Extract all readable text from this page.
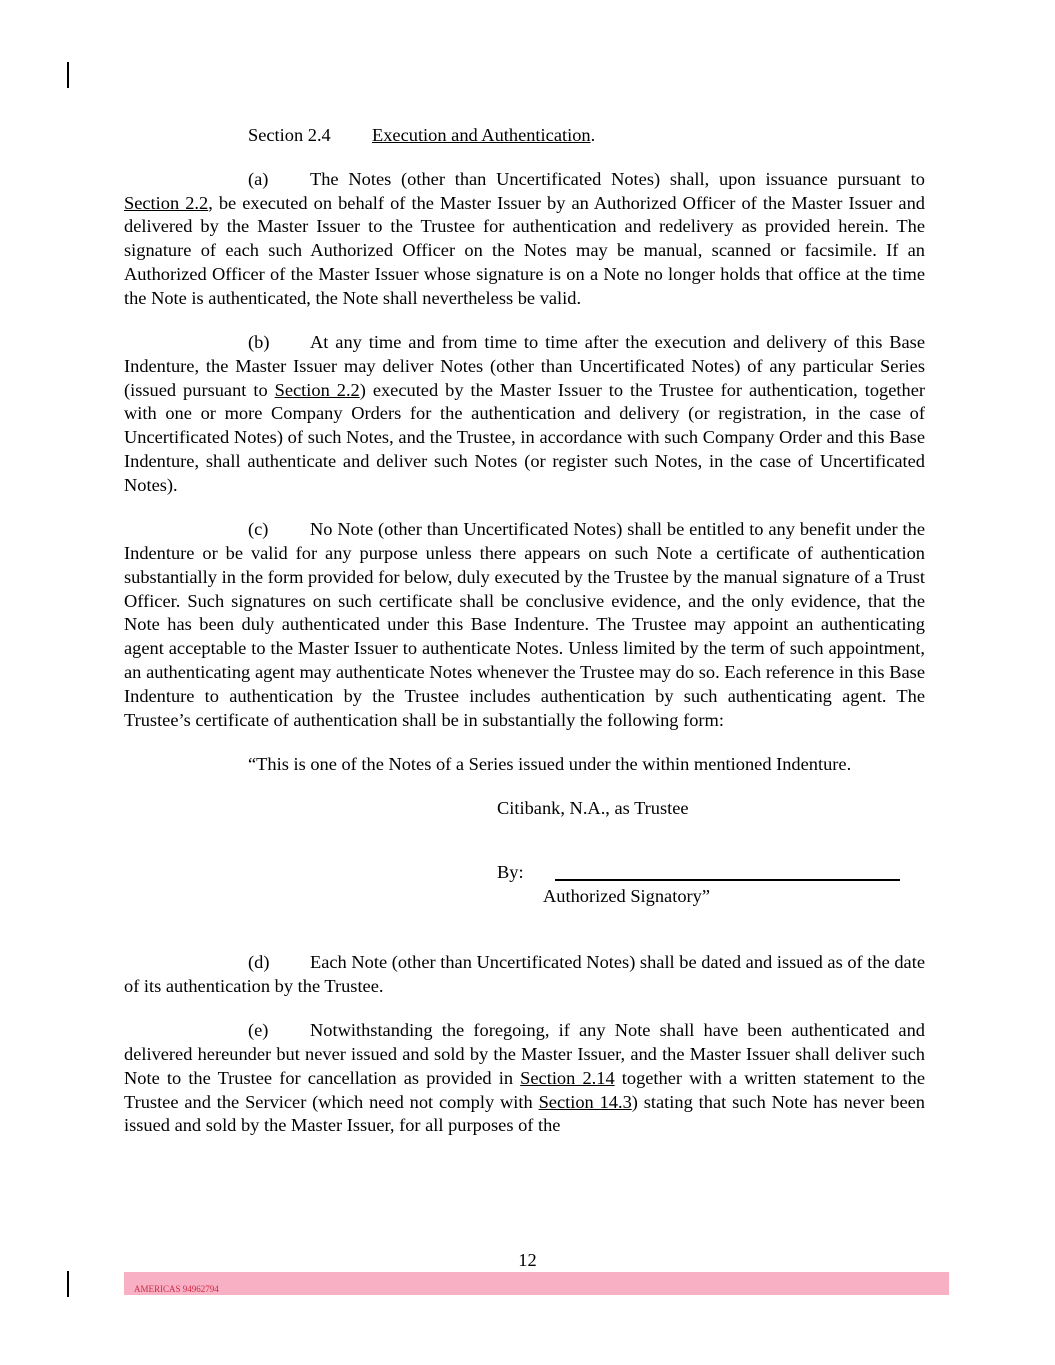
Section 2.4 Execution and Authentication.

(a) The Notes (other than Uncertificated Notes) shall, upon issuance pursuant to Section 2.2, be executed on behalf of the Master Issuer by an Authorized Officer of the Master Issuer and delivered by the Master Issuer to the Trustee for authentication and redelivery as provided herein. The signature of each such Authorized Officer on the Notes may be manual, scanned or facsimile. If an Authorized Officer of the Master Issuer whose signature is on a Note no longer holds that office at the time the Note is authenticated, the Note shall nevertheless be valid.

(b) At any time and from time to time after the execution and delivery of this Base Indenture, the Master Issuer may deliver Notes (other than Uncertificated Notes) of any particular Series (issued pursuant to Section 2.2) executed by the Master Issuer to the Trustee for authentication, together with one or more Company Orders for the authentication and delivery (or registration, in the case of Uncertificated Notes) of such Notes, and the Trustee, in accordance with such Company Order and this Base Indenture, shall authenticate and deliver such Notes (or register such Notes, in the case of Uncertificated Notes).

(c) No Note (other than Uncertificated Notes) shall be entitled to any benefit under the Indenture or be valid for any purpose unless there appears on such Note a certificate of authentication substantially in the form provided for below, duly executed by the Trustee by the manual signature of a Trust Officer. Such signatures on such certificate shall be conclusive evidence, and the only evidence, that the Note has been duly authenticated under this Base Indenture. The Trustee may appoint an authenticating agent acceptable to the Master Issuer to authenticate Notes. Unless limited by the term of such appointment, an authenticating agent may authenticate Notes whenever the Trustee may do so. Each reference in this Base Indenture to authentication by the Trustee includes authentication by such authenticating agent. The Trustee’s certificate of authentication shall be in substantially the following form:

“This is one of the Notes of a Series issued under the within mentioned Indenture.

Citibank, N.A., as Trustee

By:

Authorized Signatory”

(d) Each Note (other than Uncertificated Notes) shall be dated and issued as of the date of its authentication by the Trustee.

(e) Notwithstanding the foregoing, if any Note shall have been authenticated and delivered hereunder but never issued and sold by the Master Issuer, and the Master Issuer shall deliver such Note to the Trustee for cancellation as provided in Section 2.14 together with a written statement to the Trustee and the Servicer (which need not comply with Section 14.3) stating that such Note has never been issued and sold by the Master Issuer, for all purposes of the

12
AMERICAS 94962794
